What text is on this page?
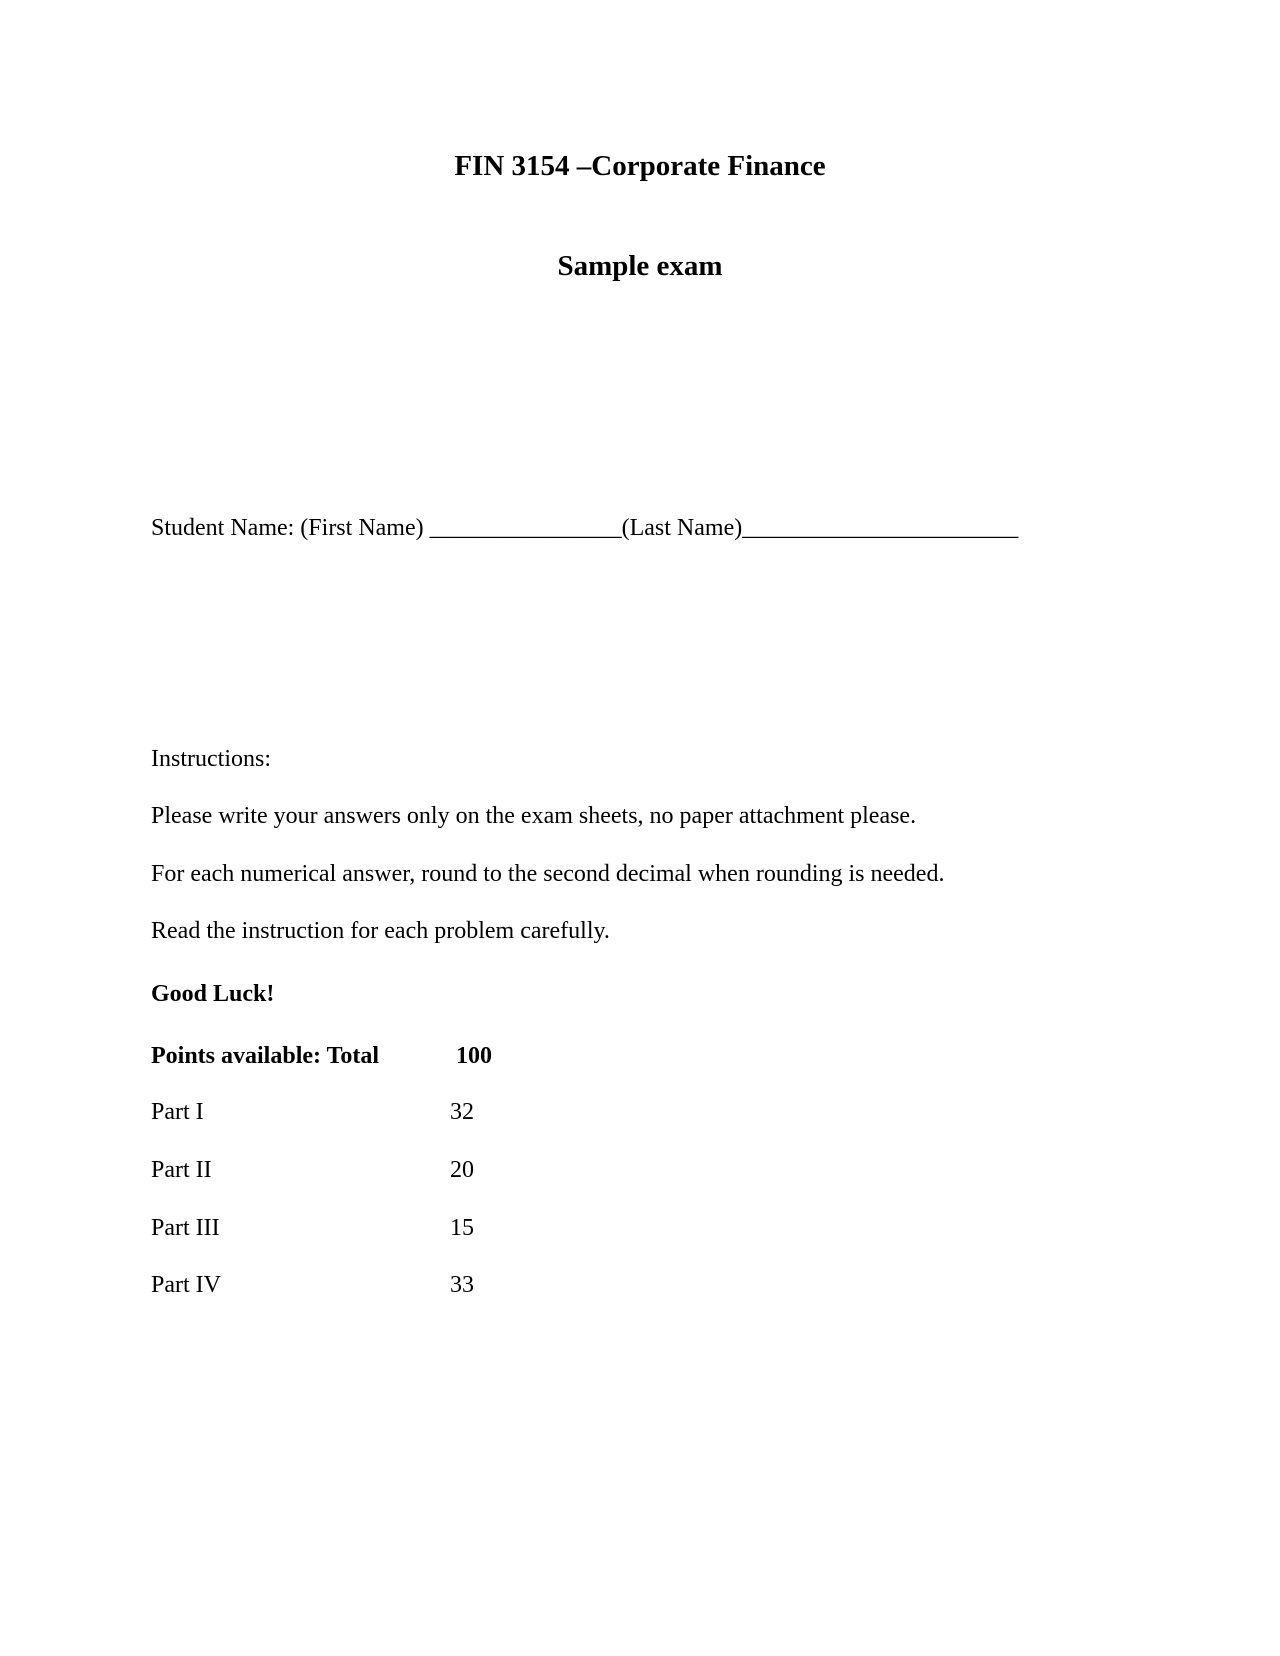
FIN 3154 –Corporate Finance
Sample exam
Student Name: (First Name) ________________(Last Name)_______________________
Instructions:
Please write your answers only on the exam sheets, no paper attachment please.
For each numerical answer, round to the second decimal when rounding is needed.
Read the instruction for each problem carefully.
Good Luck!
Points available: Total	100
Part I	32
Part II	20
Part III	15
Part IV	33
